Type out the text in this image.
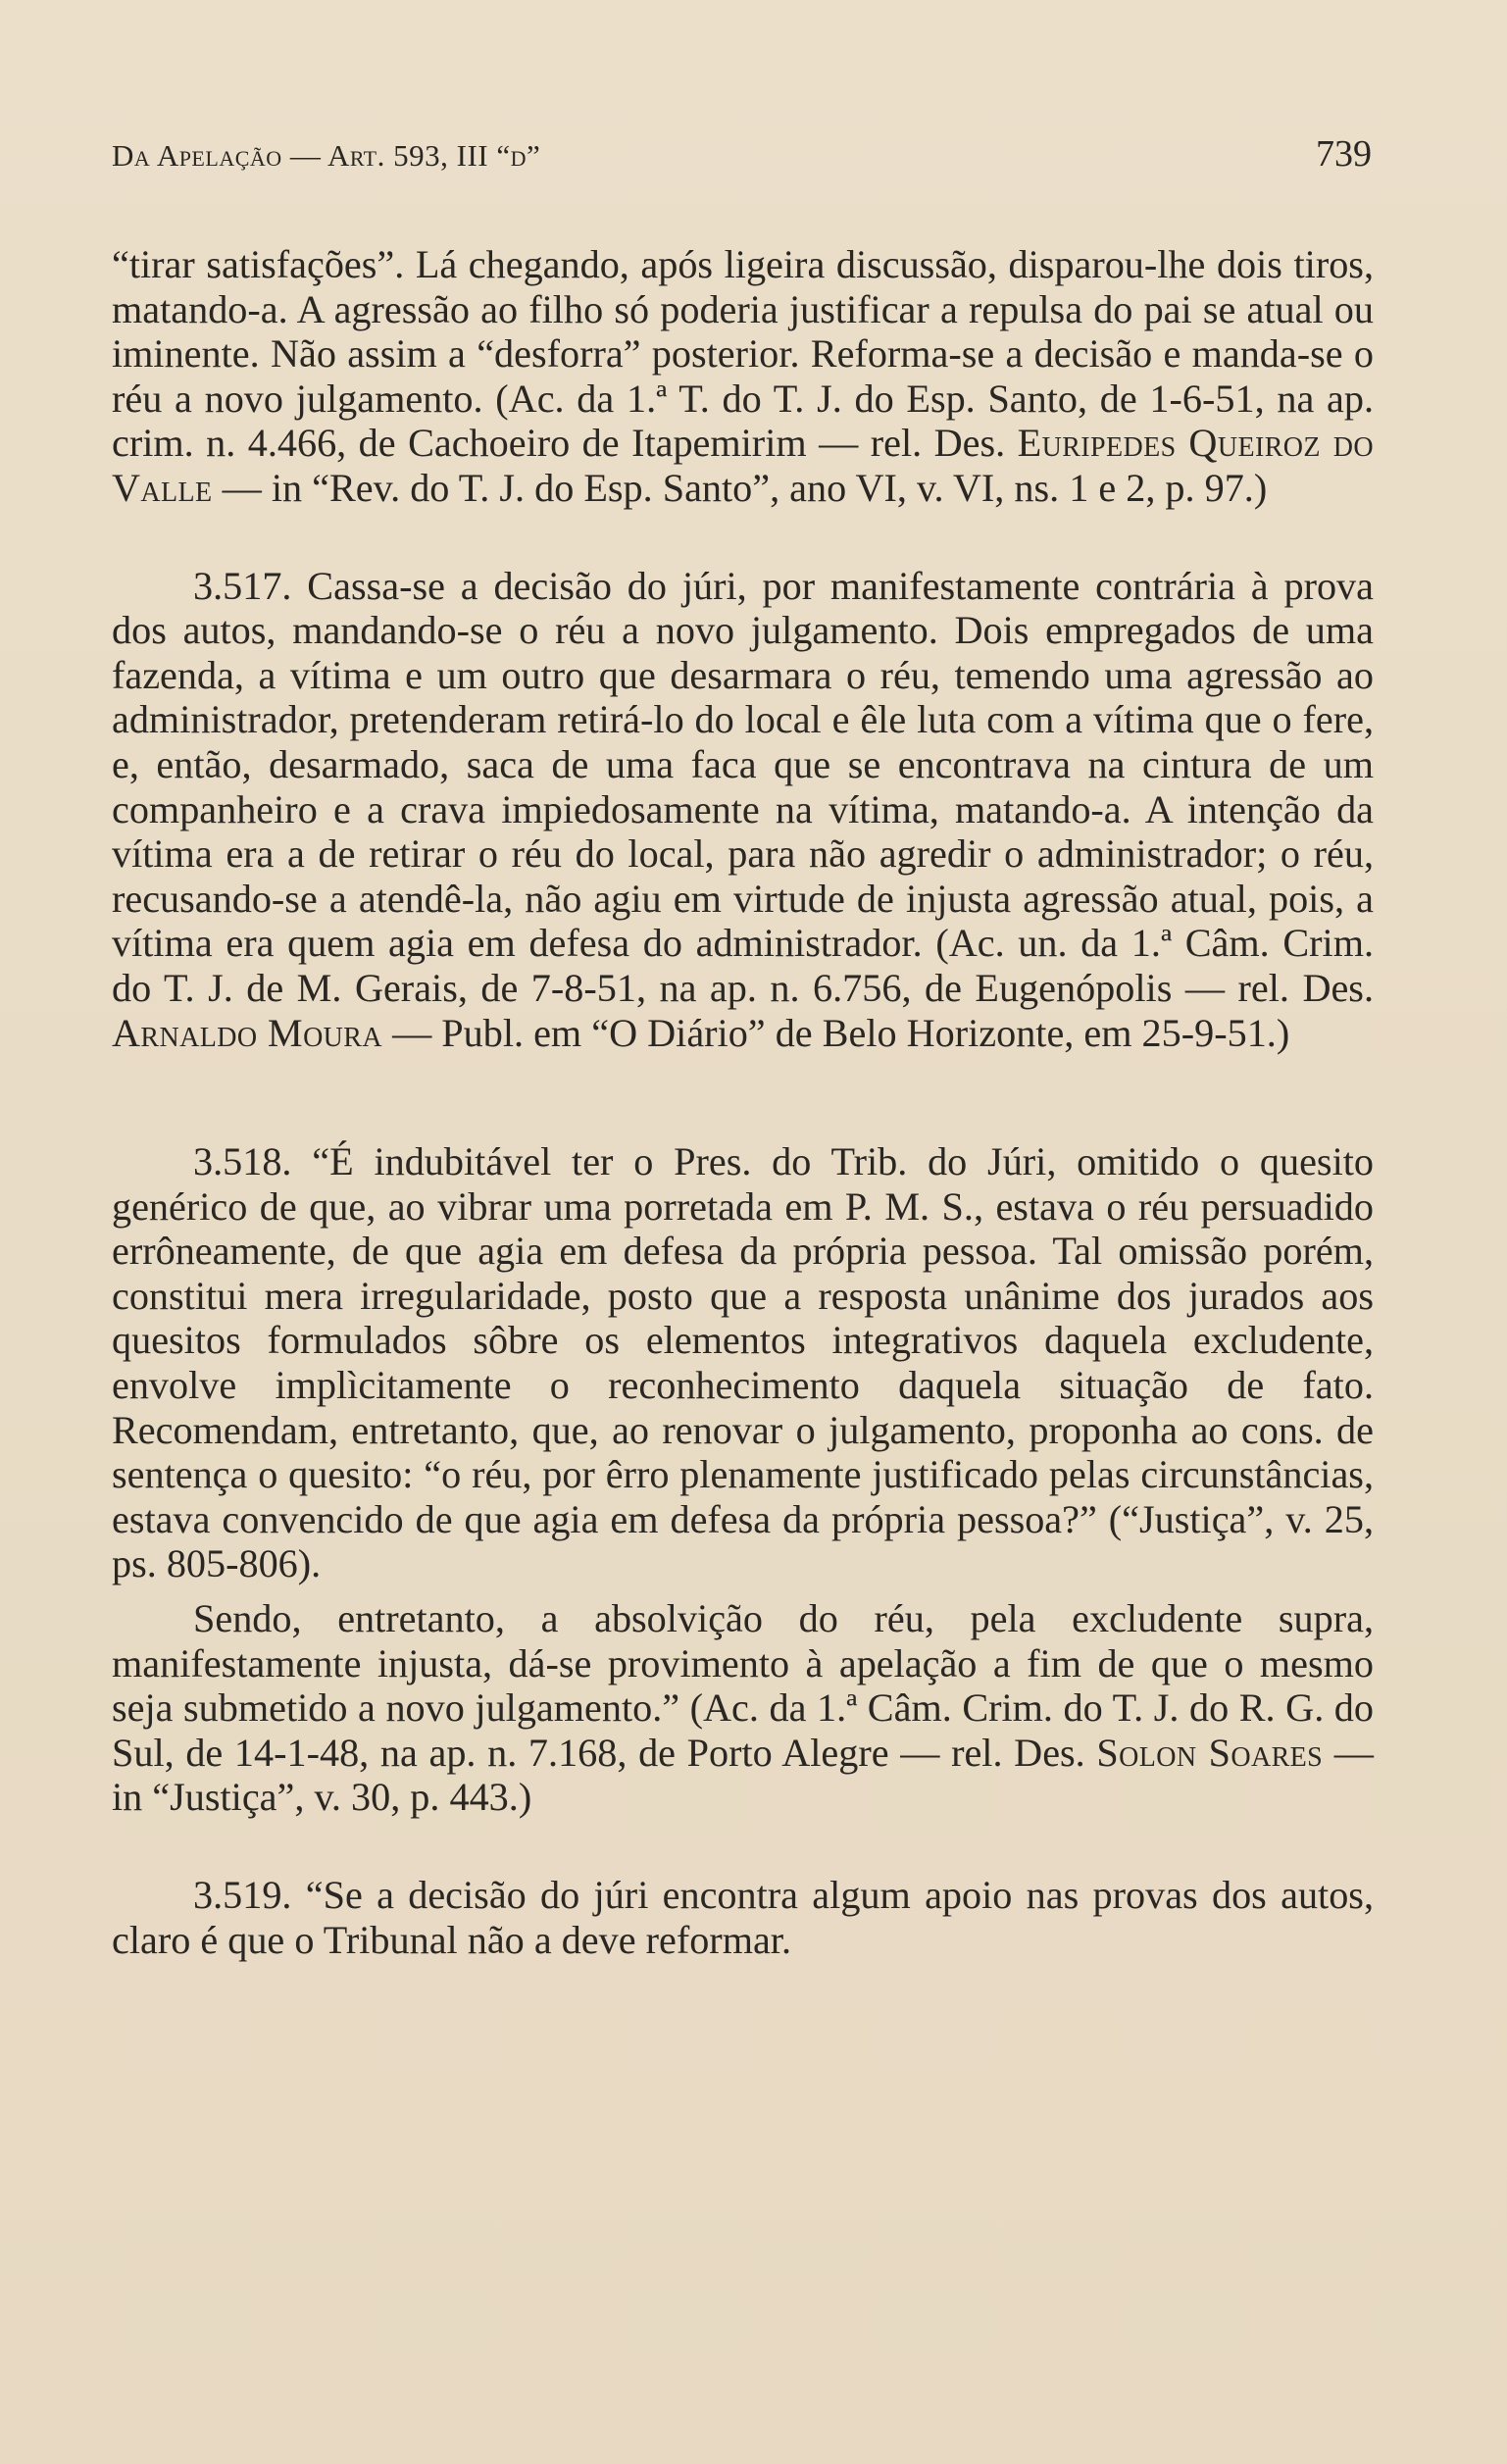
Da Apelação — Art. 593, III “d”	739

“tirar satisfações”. Lá chegando, após ligeira discussão, disparou-lhe dois tiros, matando-a. A agressão ao filho só poderia justificar a repulsa do pai se atual ou iminente. Não assim a “desforra” posterior. Reforma-se a decisão e manda-se o réu a novo julgamento. (Ac. da 1.ª T. do T. J. do Esp. Santo, de 1-6-51, na ap. crim. n. 4.466, de Cachoeiro de Itapemirim — rel. Des. Euripedes Queiroz do Valle — in “Rev. do T. J. do Esp. Santo”, ano VI, v. VI, ns. 1 e 2, p. 97.)

3.517. Cassa-se a decisão do júri, por manifestamente contrária à prova dos autos, mandando-se o réu a novo julgamento. Dois empregados de uma fazenda, a vítima e um outro que desarmara o réu, temendo uma agressão ao administrador, pretenderam retirá-lo do local e êle luta com a vítima que o fere, e, então, desarmado, saca de uma faca que se encontrava na cintura de um companheiro e a crava impiedosamente na vítima, matando-a. A intenção da vítima era a de retirar o réu do local, para não agredir o administrador; o réu, recusando-se a atendê-la, não agiu em virtude de injusta agressão atual, pois, a vítima era quem agia em defesa do administrador. (Ac. un. da 1.ª Câm. Crim. do T. J. de M. Gerais, de 7-8-51, na ap. n. 6.756, de Eugenópolis — rel. Des. Arnaldo Moura — Publ. em “O Diário” de Belo Horizonte, em 25-9-51.)

3.518. “É indubitável ter o Pres. do Trib. do Júri, omitido o quesito genérico de que, ao vibrar uma porretada em P. M. S., estava o réu persuadido errôneamente, de que agia em defesa da própria pessoa. Tal omissão porém, constitui mera irregularidade, posto que a resposta unânime dos jurados aos quesitos formulados sôbre os elementos integrativos daquela excludente, envolve implìcitamente o reconhecimento daquela situação de fato. Recomendam, entretanto, que, ao renovar o julgamento, proponha ao cons. de sentença o quesito: “o réu, por êrro plenamente justificado pelas circunstâncias, estava convencido de que agia em defesa da própria pessoa?” (“Justiça”, v. 25, ps. 805-806).

Sendo, entretanto, a absolvição do réu, pela excludente supra, manifestamente injusta, dá-se provimento à apelação a fim de que o mesmo seja submetido a novo julgamento.” (Ac. da 1.ª Câm. Crim. do T. J. do R. G. do Sul, de 14-1-48, na ap. n. 7.168, de Porto Alegre — rel. Des. Solon Soares — in “Justiça”, v. 30, p. 443.)

3.519. “Se a decisão do júri encontra algum apoio nas provas dos autos, claro é que o Tribunal não a deve reformar.
